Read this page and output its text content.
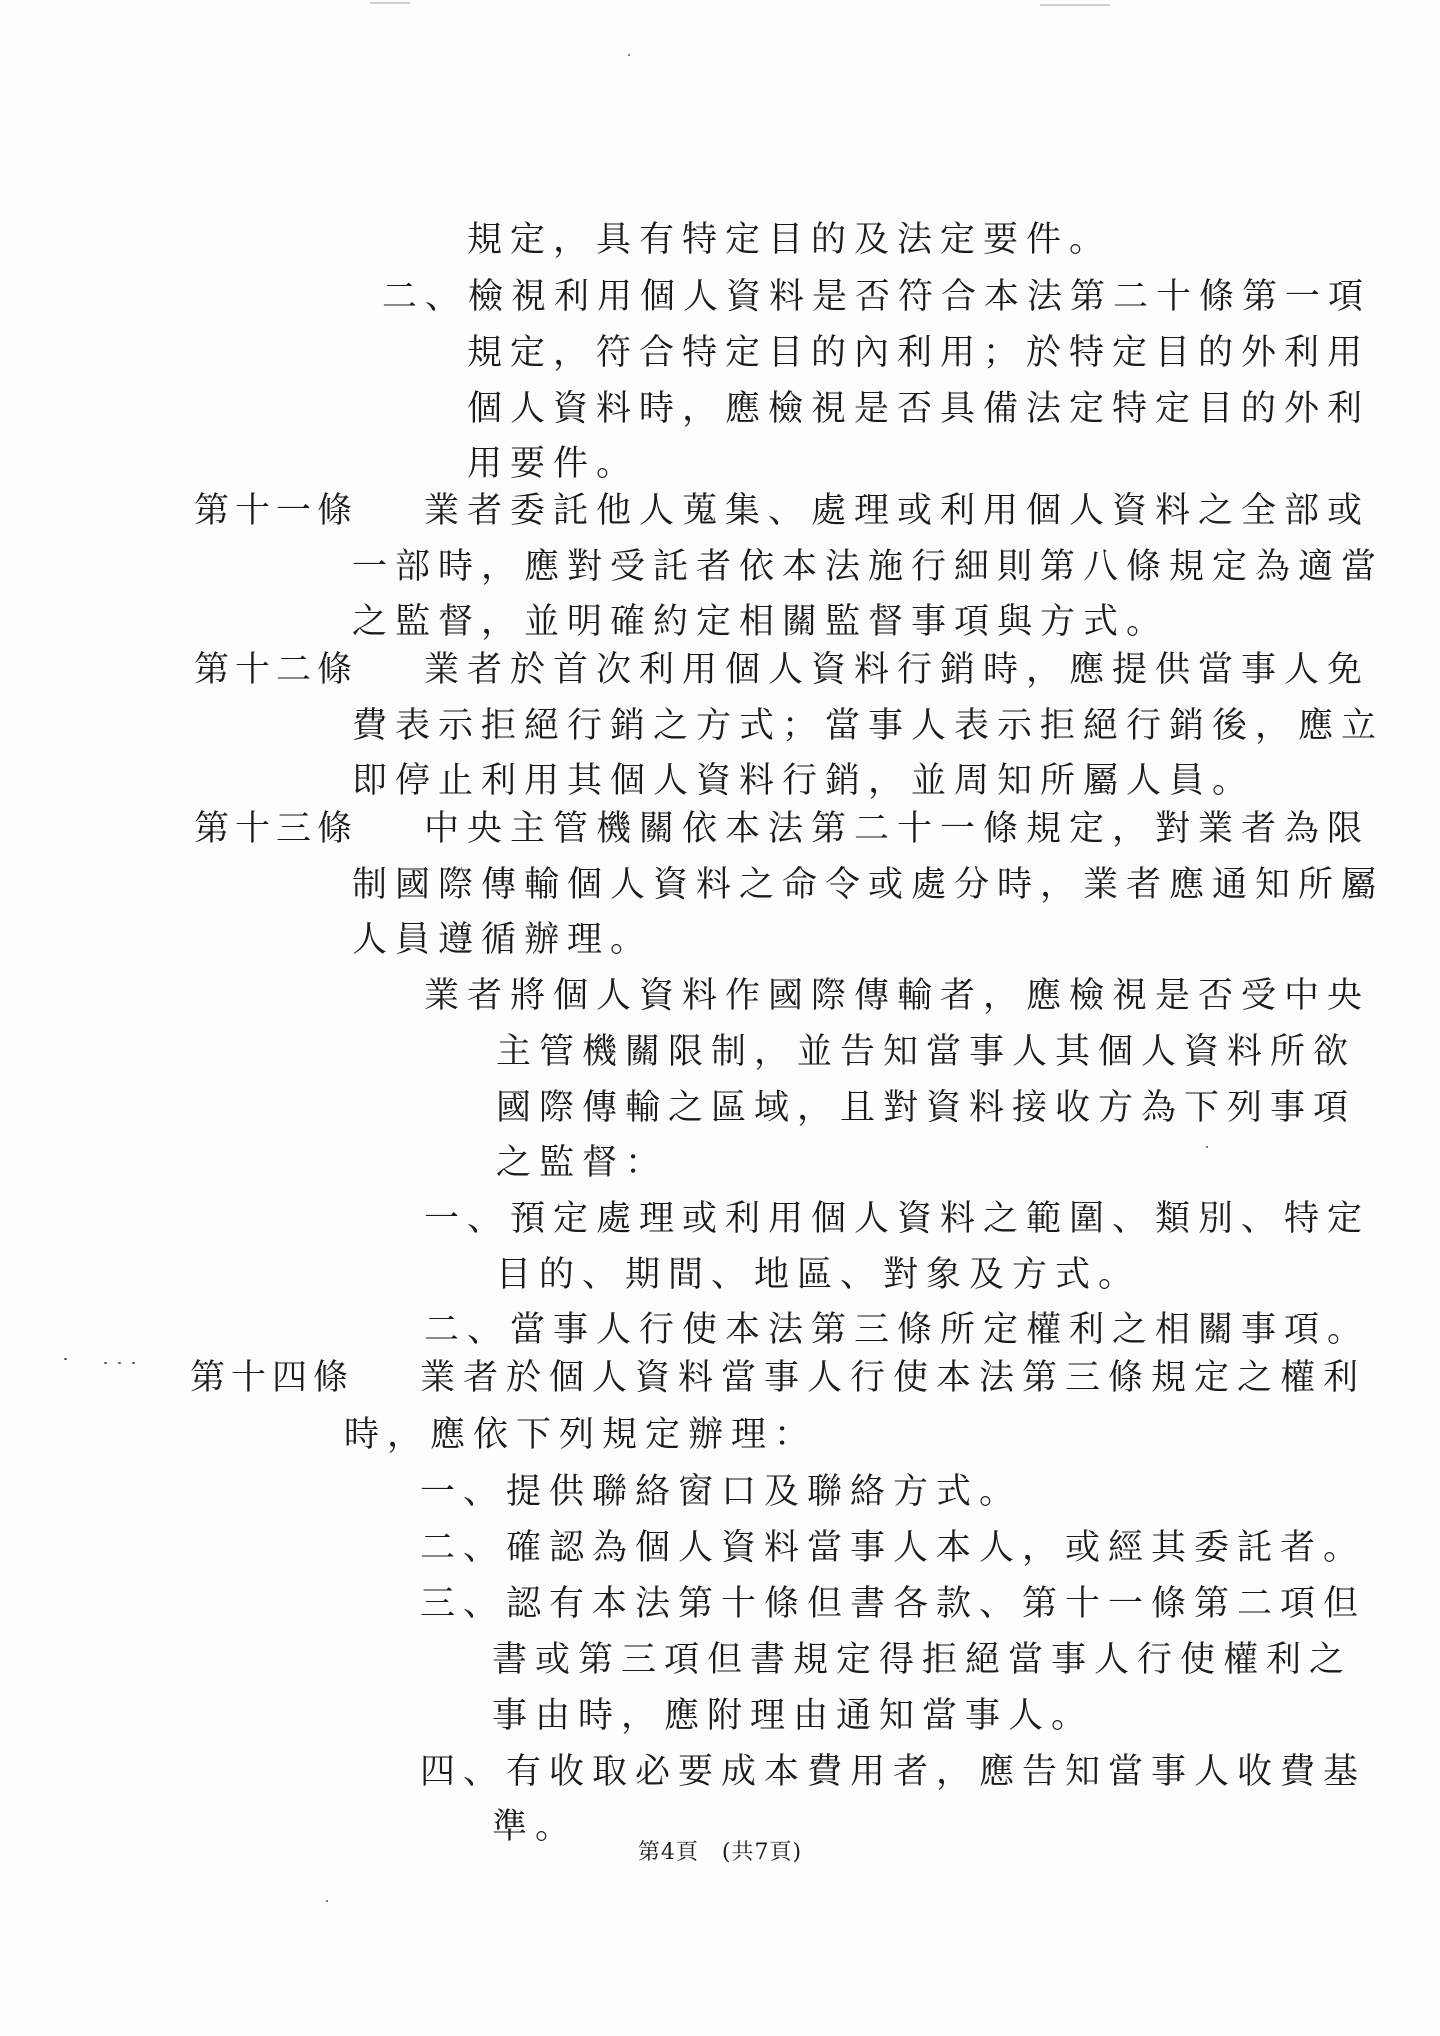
規定，具有特定目的及法定要件。
二、檢視利用個人資料是否符合本法第二十條第一項
規定，符合特定目的內利用；於特定目的外利用
個人資料時，應檢視是否具備法定特定目的外利
用要件。
第十一條 業者委託他人蒐集、處理或利用個人資料之全部或
一部時，應對受託者依本法施行細則第八條規定為適當
之監督，並明確約定相關監督事項與方式。
第十二條 業者於首次利用個人資料行銷時，應提供當事人免
費表示拒絕行銷之方式；當事人表示拒絕行銷後，應立
即停止利用其個人資料行銷，並周知所屬人員。
第十三條 中央主管機關依本法第二十一條規定，對業者為限
制國際傳輸個人資料之命令或處分時，業者應通知所屬
人員遵循辦理。
業者將個人資料作國際傳輸者，應檢視是否受中央
主管機關限制，並告知當事人其個人資料所欲
國際傳輸之區域，且對資料接收方為下列事項
之監督：
一、預定處理或利用個人資料之範圍、類別、特定
目的、期間、地區、對象及方式。
二、當事人行使本法第三條所定權利之相關事項。
第十四條 業者於個人資料當事人行使本法第三條規定之權利
時，應依下列規定辦理：
一、提供聯絡窗口及聯絡方式。
二、確認為個人資料當事人本人，或經其委託者。
三、認有本法第十條但書各款、第十一條第二項但
書或第三項但書規定得拒絕當事人行使權利之
事由時，應附理由通知當事人。
四、有收取必要成本費用者，應告知當事人收費基
準。
第4頁　(共7頁)
